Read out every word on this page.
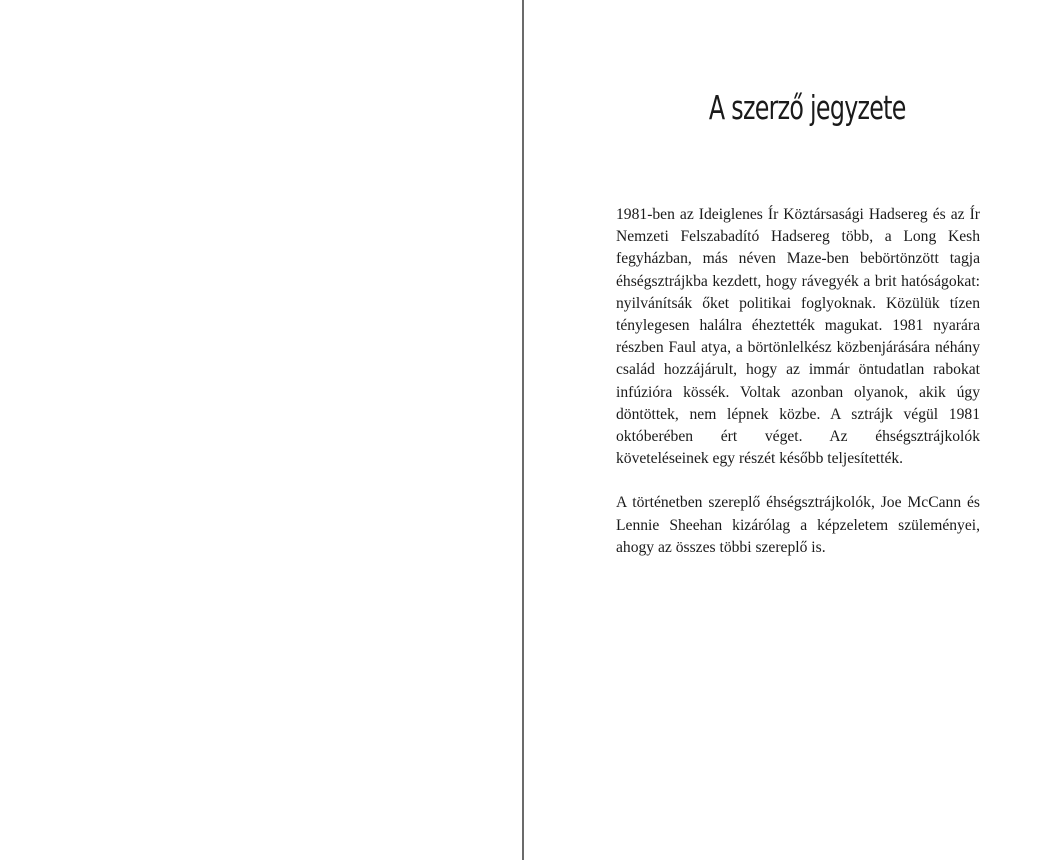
A szerző jegyzete

1981-ben az Ideiglenes Ír Köztársasági Hadsereg és az Ír Nemzeti Felszabadító Hadsereg több, a Long Kesh fegyházban, más néven Maze-ben bebörtönzött tagja éhségsztrájkba kezdett, hogy rávegyék a brit hatóságokat: nyilvánítsák őket politikai foglyoknak. Közülük tízen ténylegesen halálra éheztették magukat. 1981 nyarára részben Faul atya, a börtönlelkész közbenjárására néhány család hozzájárult, hogy az immár öntudatlan rabokat infúzióra kössék. Voltak azonban olyanok, akik úgy döntöttek, nem lépnek közbe. A sztrájk végül 1981 októberében ért véget. Az éhségsztrájkolók követeléseinek egy részét később teljesítették.

A történetben szereplő éhségsztrájkolók, Joe McCann és Lennie Sheehan kizárólag a képzeletem szüleményei, ahogy az összes többi szereplő is.
